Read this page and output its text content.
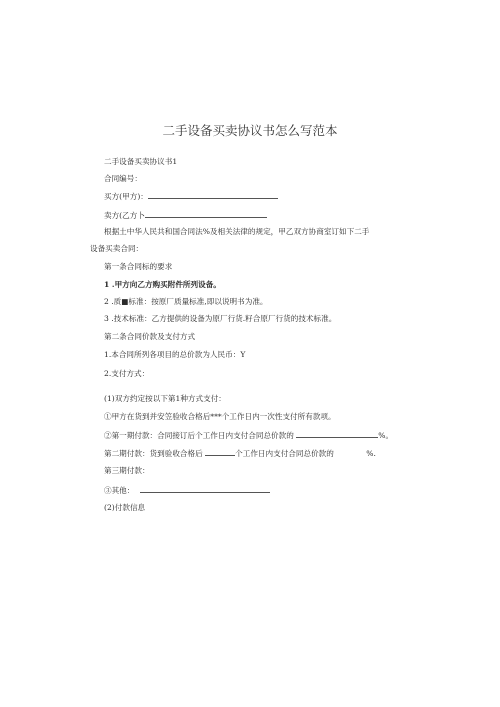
二手设备买卖协议书怎么写范本
二手设备买卖协议书1
合同编号：
买方(甲方)：
卖方(乙方卜
根据土中华人民共和国合同法%及相关法律的规定，甲乙双方协商室订如下二手
设备买卖合同：
第一条合同标的要求
1 .甲方向乙方购买附件所列设备。
2 .质■标准：按原厂质量标准,即以说明书为准。
3 .技术标准：乙方提供的设备为原厂行货.籽合原厂行货的技术标准。
第二条合同价款及支付方式
1.本合同所列各项目的总价款为人民币：Y
2.支付方式：
(1)双方约定按以下第1种方式支付：
①甲方在货到并安笠验收合格后***个工作日内一次性支付所有款项。
②第一期付款：合同接订后个工作日内支付合同总价款的	%。
第二期付款：货到验收合格后	个工作日内支付合同总价款的	%.
第三期付款：
③其他：
(2)付款信息
